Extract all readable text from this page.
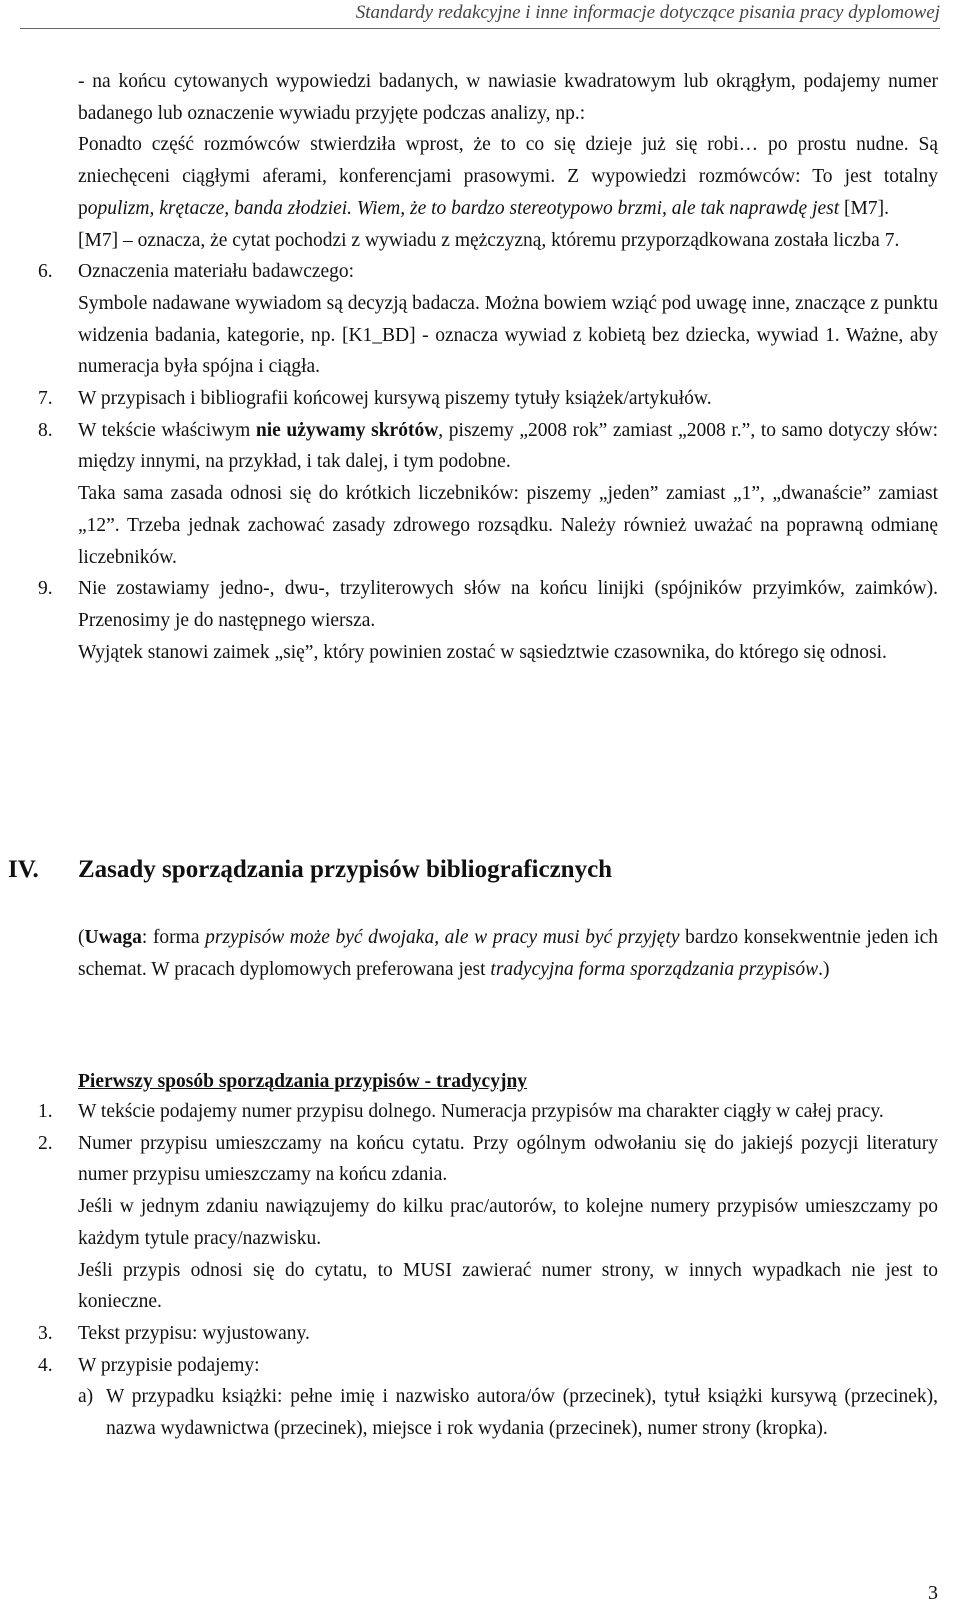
Standardy redakcyjne i inne informacje dotyczące pisania pracy dyplomowej

- na końcu cytowanych wypowiedzi badanych, w nawiasie kwadratowym lub okrągłym, podajemy numer badanego lub oznaczenie wywiadu przyjęte podczas analizy, np.:

Ponadto część rozmówców stwierdziła wprost, że to co się dzieje już się robi… po prostu nudne. Są zniechęceni ciągłymi aferami, konferencjami prasowymi. Z wypowiedzi rozmówców: To jest totalny populizm, krętacze, banda złodziei. Wiem, że to bardzo stereotypowo brzmi, ale tak naprawdę jest [M7].

[M7] – oznacza, że cytat pochodzi z wywiadu z mężczyzną, któremu przyporządkowana została liczba 7.

6. Oznaczenia materiału badawczego:

Symbole nadawane wywiadom są decyzją badacza. Można bowiem wziąć pod uwagę inne, znaczące z punktu widzenia badania, kategorie, np. [K1_BD] - oznacza wywiad z kobietą bez dziecka, wywiad 1. Ważne, aby numeracja była spójna i ciągła.

7. W przypisach i bibliografii końcowej kursywą piszemy tytuły książek/artykułów.

8. W tekście właściwym nie używamy skrótów, piszemy „2008 rok” zamiast „2008 r.”, to samo dotyczy słów: między innymi, na przykład, i tak dalej, i tym podobne.

Taka sama zasada odnosi się do krótkich liczebników: piszemy „jeden” zamiast „1”, „dwanaście” zamiast „12”. Trzeba jednak zachować zasady zdrowego rozsądku. Należy również uważać na poprawną odmianę liczebników.

9. Nie zostawiamy jedno-, dwu-, trzyliterowych słów na końcu linijki (spójników przyimków, zaimków). Przenosimy je do następnego wiersza.

Wyjątek stanowi zaimek „się”, który powinien zostać w sąsiedztwie czasownika, do którego się odnosi.

IV. Zasady sporządzania przypisów bibliograficznych

(Uwaga: forma przypisów może być dwojaka, ale w pracy musi być przyjęty bardzo konsekwentnie jeden ich schemat. W pracach dyplomowych preferowana jest tradycyjna forma sporządzania przypisów.)

Pierwszy sposób sporządzania przypisów - tradycyjny
1. W tekście podajemy numer przypisu dolnego. Numeracja przypisów ma charakter ciągły w całej pracy.

2. Numer przypisu umieszczamy na końcu cytatu. Przy ogólnym odwołaniu się do jakiejś pozycji literatury numer przypisu umieszczamy na końcu zdania.

Jeśli w jednym zdaniu nawiązujemy do kilku prac/autorów, to kolejne numery przypisów umieszczamy po każdym tytule pracy/nazwisku.

Jeśli przypis odnosi się do cytatu, to MUSI zawierać numer strony, w innych wypadkach nie jest to konieczne.

3. Tekst przypisu: wyjustowany.

4. W przypisie podajemy:

a) W przypadku książki: pełne imię i nazwisko autora/ów (przecinek), tytuł książki kursywą (przecinek), nazwa wydawnictwa (przecinek), miejsce i rok wydania (przecinek), numer strony (kropka).

3
